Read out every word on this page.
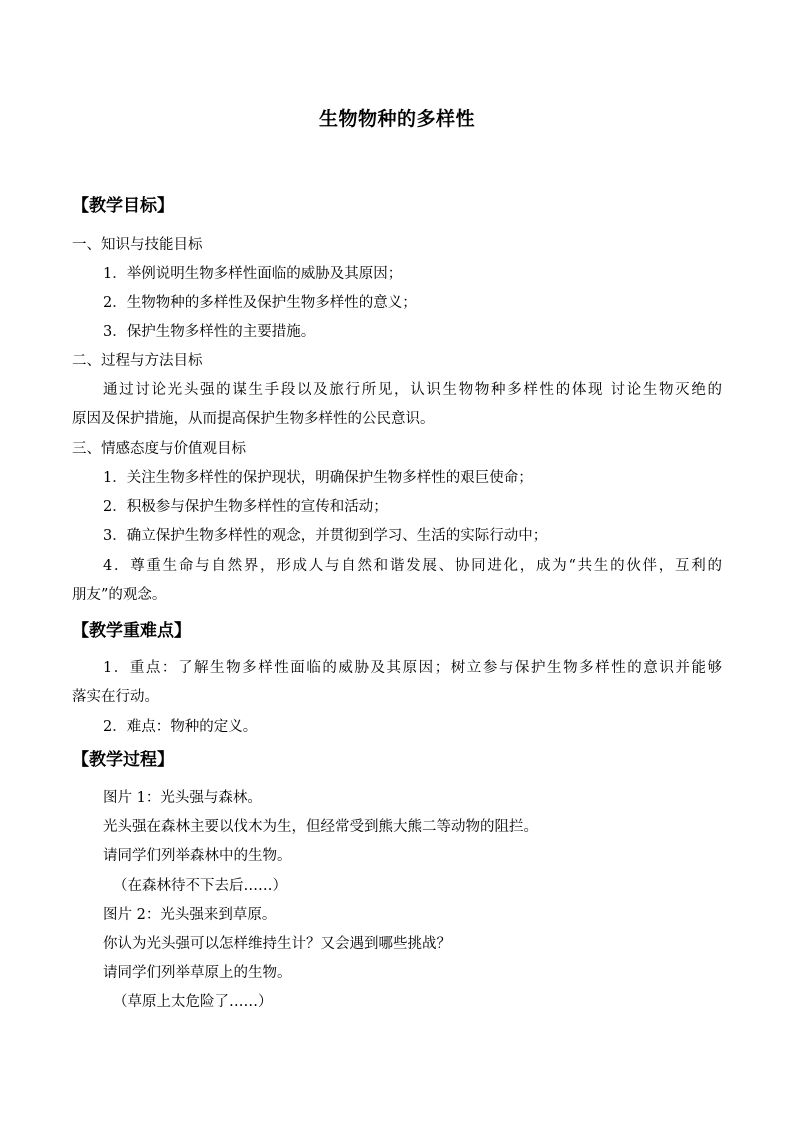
生物物种的多样性
【教学目标】
一、知识与技能目标
1．举例说明生物多样性面临的威胁及其原因；
2．生物物种的多样性及保护生物多样性的意义；
3．保护生物多样性的主要措施。
二、过程与方法目标
通过讨论光头强的谋生手段以及旅行所见，认识生物物种多样性的体现 讨论生物灭绝的
原因及保护措施，从而提高保护生物多样性的公民意识。
三、情感态度与价值观目标
1．关注生物多样性的保护现状，明确保护生物多样性的艰巨使命；
2．积极参与保护生物多样性的宣传和活动；
3．确立保护生物多样性的观念，并贯彻到学习、生活的实际行动中；
4．尊重生命与自然界，形成人与自然和谐发展、协同进化，成为“共生的伙伴，互利的
朋友”的观念。
【教学重难点】
1．重点：了解生物多样性面临的威胁及其原因；树立参与保护生物多样性的意识并能够
落实在行动。
2．难点：物种的定义。
【教学过程】
图片 1：光头强与森林。
光头强在森林主要以伐木为生，但经常受到熊大熊二等动物的阻拦。
请同学们列举森林中的生物。
（在森林待不下去后……）
图片 2：光头强来到草原。
你认为光头强可以怎样维持生计？又会遇到哪些挑战？
请同学们列举草原上的生物。
（草原上太危险了……）
